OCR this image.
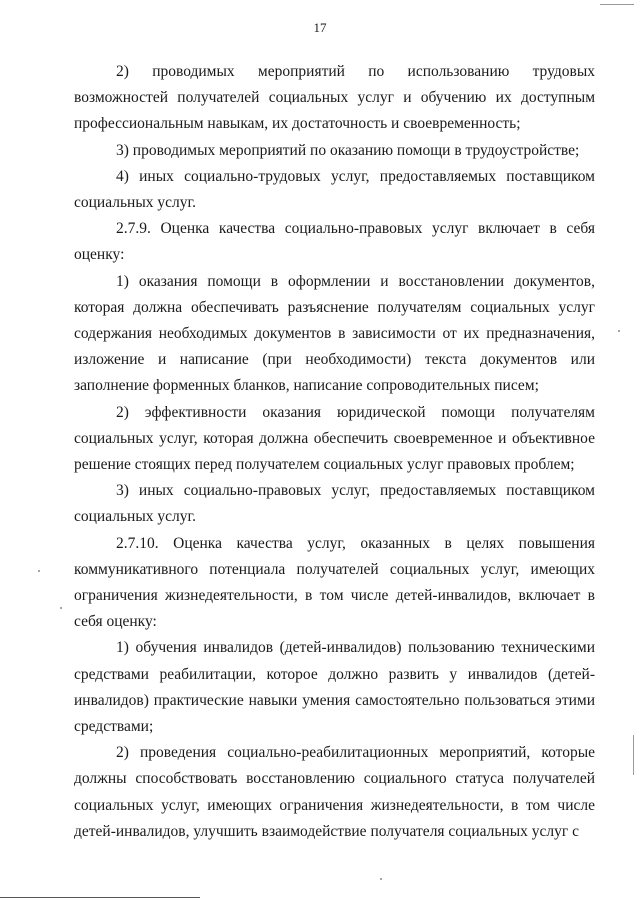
17

2) проводимых мероприятий по использованию трудовых возможностей получателей социальных услуг и обучению их доступным профессиональным навыкам, их достаточность и своевременность;

3) проводимых мероприятий по оказанию помощи в трудоустройстве;

4) иных социально-трудовых услуг, предоставляемых поставщиком социальных услуг.

2.7.9. Оценка качества социально-правовых услуг включает в себя оценку:

1) оказания помощи в оформлении и восстановлении документов, которая должна обеспечивать разъяснение получателям социальных услуг содержания необходимых документов в зависимости от их предназначения, изложение и написание (при необходимости) текста документов или заполнение форменных бланков, написание сопроводительных писем;

2) эффективности оказания юридической помощи получателям социальных услуг, которая должна обеспечить своевременное и объективное решение стоящих перед получателем социальных услуг правовых проблем;

3) иных социально-правовых услуг, предоставляемых поставщиком социальных услуг.

2.7.10. Оценка качества услуг, оказанных в целях повышения коммуникативного потенциала получателей социальных услуг, имеющих ограничения жизнедеятельности, в том числе детей-инвалидов, включает в себя оценку:

1) обучения инвалидов (детей-инвалидов) пользованию техническими средствами реабилитации, которое должно развить у инвалидов (детей-инвалидов) практические навыки умения самостоятельно пользоваться этими средствами;

2) проведения социально-реабилитационных мероприятий, которые должны способствовать восстановлению социального статуса получателей социальных услуг, имеющих ограничения жизнедеятельности, в том числе детей-инвалидов, улучшить взаимодействие получателя социальных услуг с
